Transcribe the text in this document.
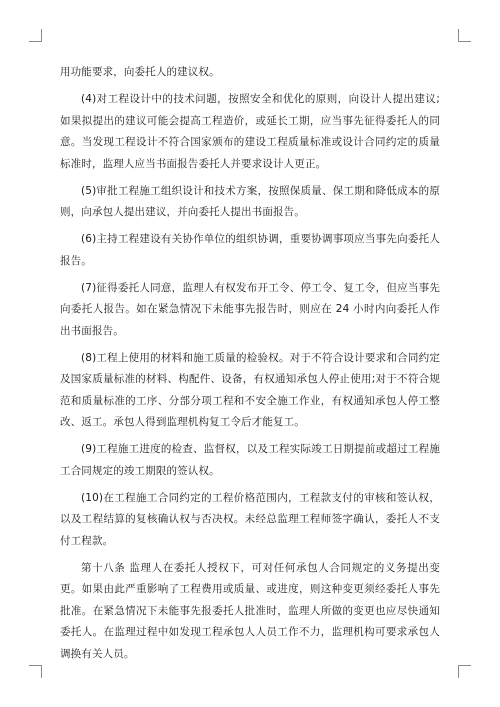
用功能要求，向委托人的建议权。

(4)对工程设计中的技术问题，按照安全和优化的原则，向设计人提出建议;如果拟提出的建议可能会提高工程造价，或延长工期，应当事先征得委托人的同意。当发现工程设计不符合国家颁布的建设工程质量标准或设计合同约定的质量标准时，监理人应当书面报告委托人并要求设计人更正。

(5)审批工程施工组织设计和技术方案，按照保质量、保工期和降低成本的原则，向承包人提出建议，并向委托人提出书面报告。

(6)主持工程建设有关协作单位的组织协调，重要协调事项应当事先向委托人报告。

(7)征得委托人同意，监理人有权发布开工令、停工令、复工令，但应当事先向委托人报告。如在紧急情况下未能事先报告时，则应在 24 小时内向委托人作出书面报告。

(8)工程上使用的材料和施工质量的检验权。对于不符合设计要求和合同约定及国家质量标准的材料、构配件、设备，有权通知承包人停止使用;对于不符合规范和质量标准的工序、分部分项工程和不安全施工作业，有权通知承包人停工整改、返工。承包人得到监理机构复工令后才能复工。

(9)工程施工进度的检查、监督权，以及工程实际竣工日期提前或超过工程施工合同规定的竣工期限的签认权。

(10)在工程施工合同约定的工程价格范围内，工程款支付的审核和签认权，以及工程结算的复核确认权与否决权。未经总监理工程师签字确认，委托人不支付工程款。

第十八条 监理人在委托人授权下，可对任何承包人合同规定的义务提出变更。如果由此严重影响了工程费用或质量、或进度，则这种变更须经委托人事先批准。在紧急情况下未能事先报委托人批准时，监理人所做的变更也应尽快通知委托人。在监理过程中如发现工程承包人人员工作不力，监理机构可要求承包人调换有关人员。
